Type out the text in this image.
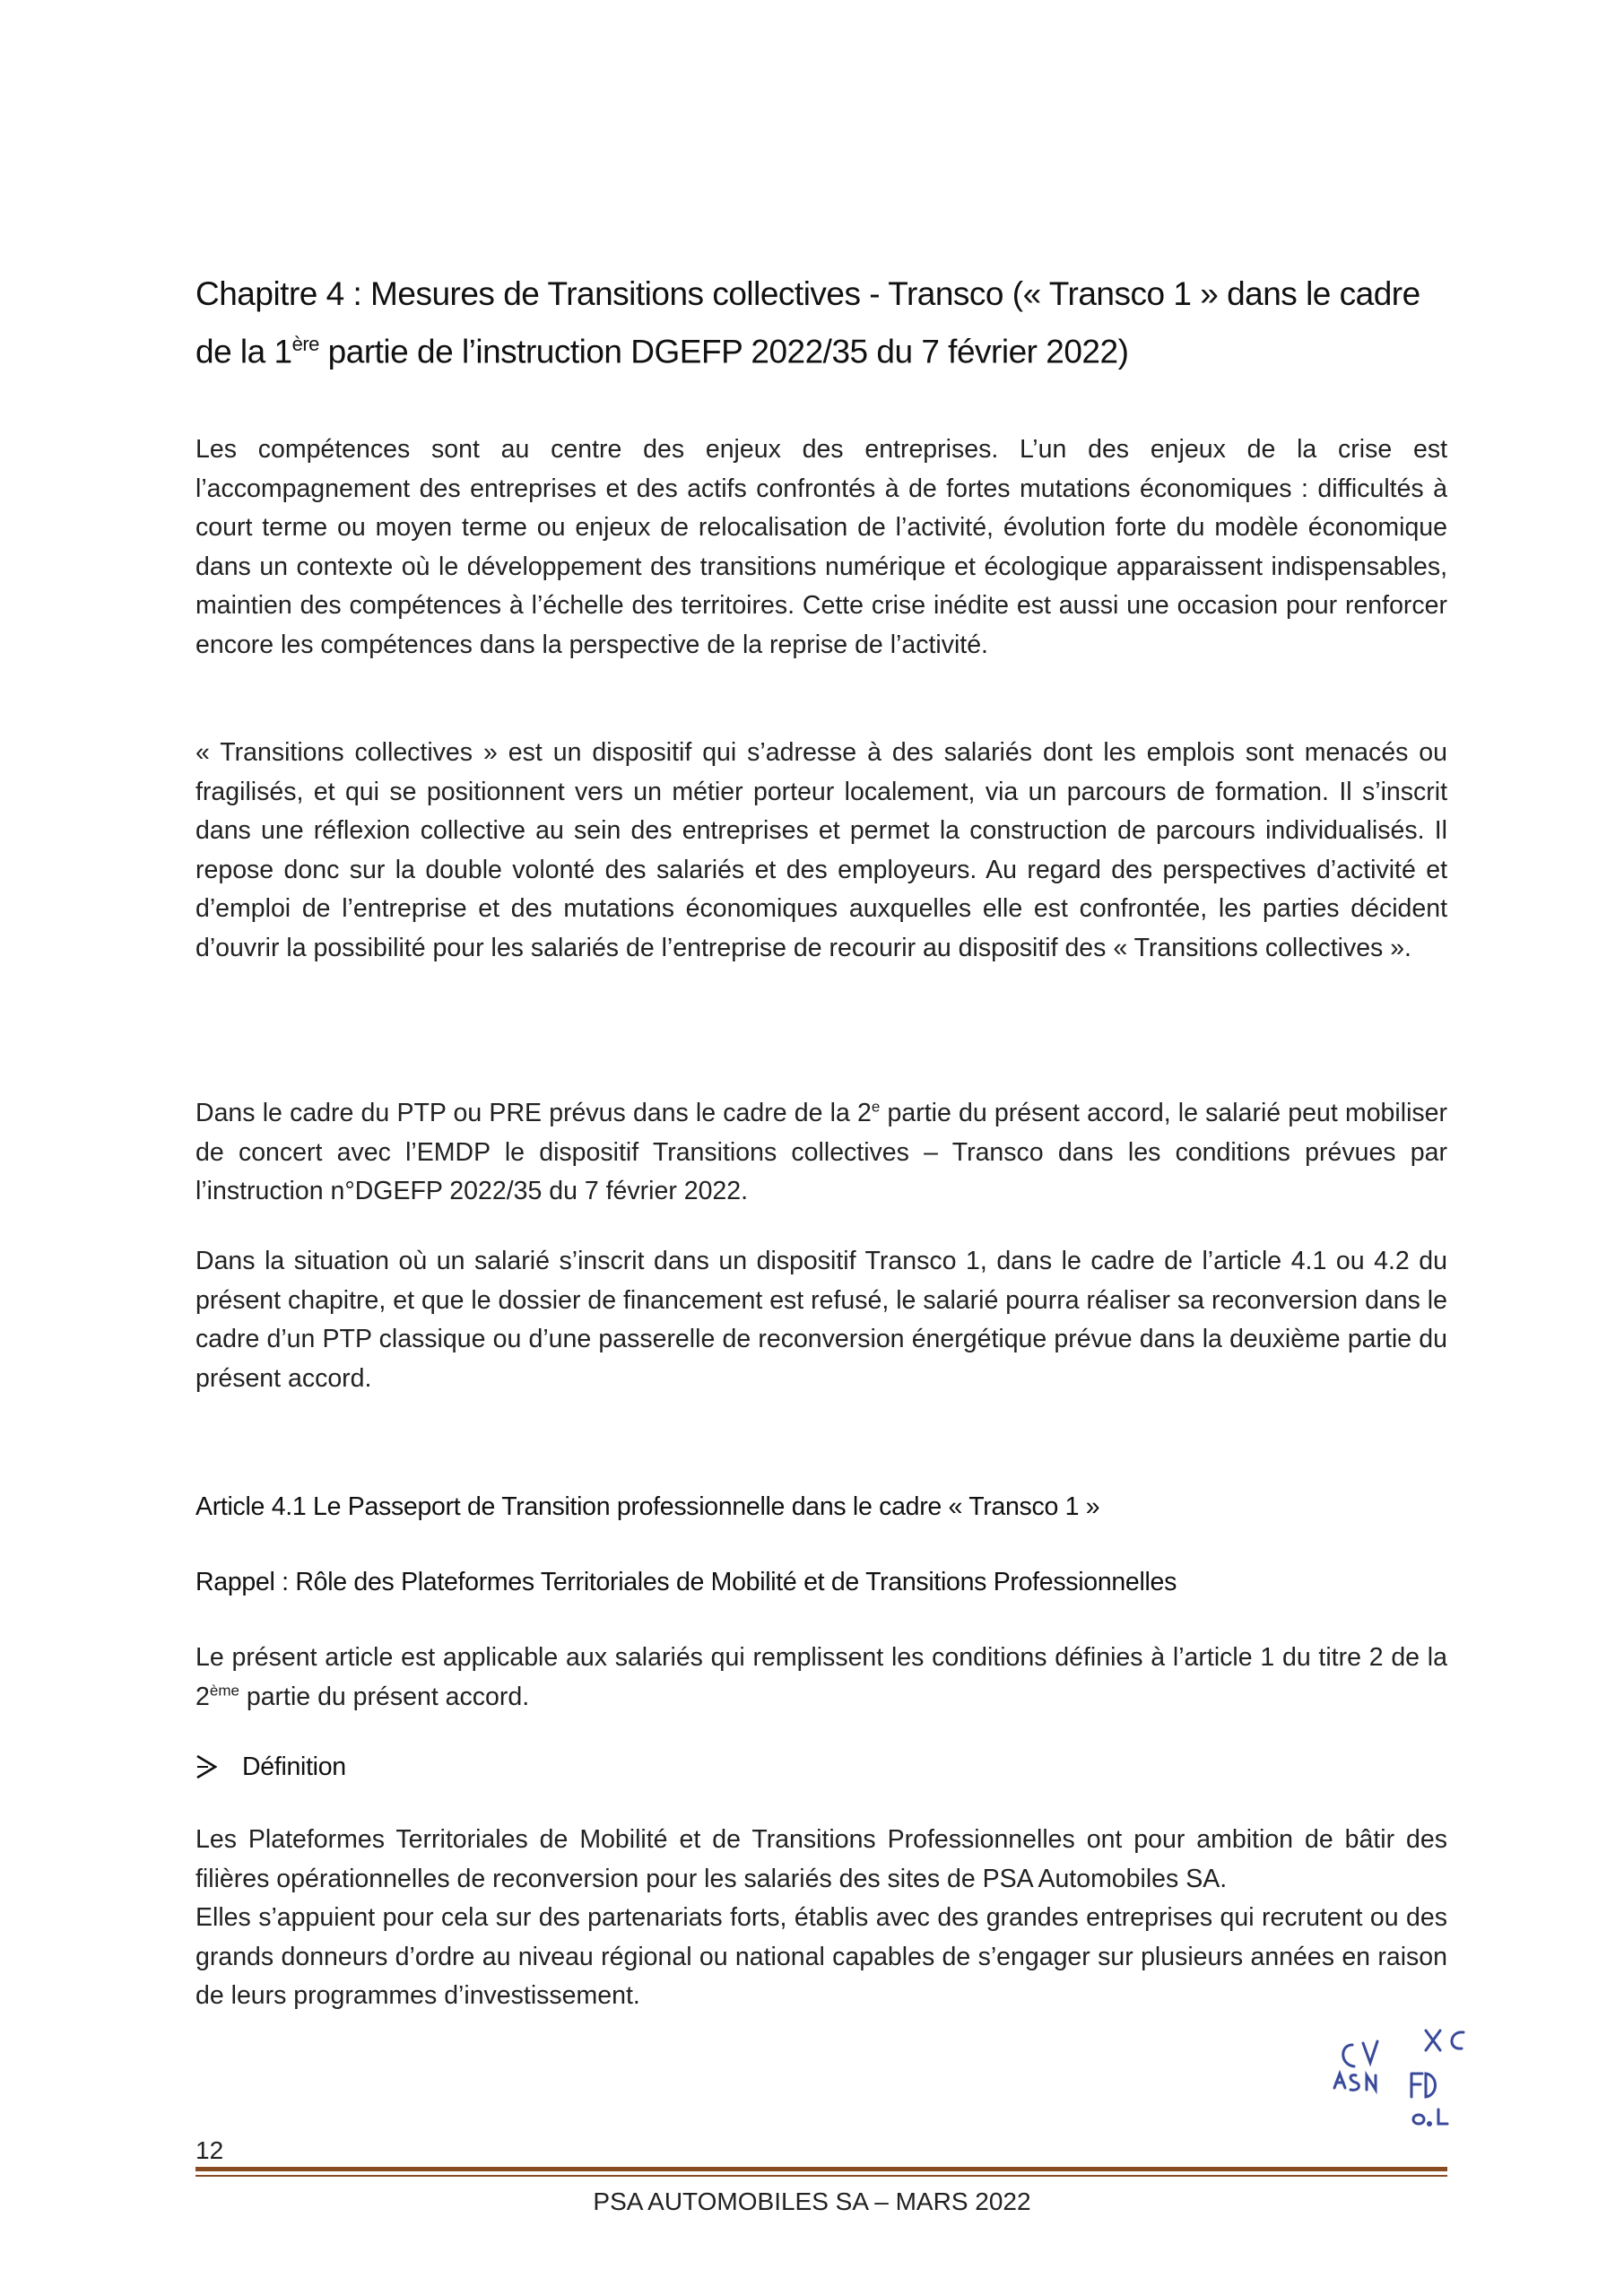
Chapitre 4 : Mesures de Transitions collectives - Transco (« Transco 1 » dans le cadre
de la 1ère partie de l’instruction DGEFP 2022/35 du 7 février 2022)

Les compétences sont au centre des enjeux des entreprises. L’un des enjeux de la crise est l’accompagnement des entreprises et des actifs confrontés à de fortes mutations économiques : difficultés à court terme ou moyen terme ou enjeux de relocalisation de l’activité, évolution forte du modèle économique dans un contexte où le développement des transitions numérique et écologique apparaissent indispensables, maintien des compétences à l’échelle des territoires. Cette crise inédite est aussi une occasion pour renforcer encore les compétences dans la perspective de la reprise de l’activité.

« Transitions collectives » est un dispositif qui s’adresse à des salariés dont les emplois sont menacés ou fragilisés, et qui se positionnent vers un métier porteur localement, via un parcours de formation. Il s’inscrit dans une réflexion collective au sein des entreprises et permet la construction de parcours individualisés. Il repose donc sur la double volonté des salariés et des employeurs. Au regard des perspectives d’activité et d’emploi de l’entreprise et des mutations économiques auxquelles elle est confrontée, les parties décident d’ouvrir la possibilité pour les salariés de l’entreprise de recourir au dispositif des « Transitions collectives ».

Dans le cadre du PTP ou PRE prévus dans le cadre de la 2e partie du présent accord, le salarié peut mobiliser de concert avec l’EMDP le dispositif Transitions collectives – Transco dans les conditions prévues par l’instruction n°DGEFP 2022/35 du 7 février 2022.

Dans la situation où un salarié s’inscrit dans un dispositif Transco 1, dans le cadre de l’article 4.1 ou 4.2 du présent chapitre, et que le dossier de financement est refusé, le salarié pourra réaliser sa reconversion dans le cadre d’un PTP classique ou d’une passerelle de reconversion énergétique prévue dans la deuxième partie du présent accord.

Article 4.1 Le Passeport de Transition professionnelle dans le cadre « Transco 1 »

Rappel : Rôle des Plateformes Territoriales de Mobilité et de Transitions Professionnelles

Le présent article est applicable aux salariés qui remplissent les conditions définies à l’article 1 du titre 2 de la 2ème partie du présent accord.

Définition

Les Plateformes Territoriales de Mobilité et de Transitions Professionnelles ont pour ambition de bâtir des filières opérationnelles de reconversion pour les salariés des sites de PSA Automobiles SA.

Elles s’appuient pour cela sur des partenariats forts, établis avec des grandes entreprises qui recrutent ou des grands donneurs d’ordre au niveau régional ou national capables de s’engager sur plusieurs années en raison de leurs programmes d’investissement.

12
PSA AUTOMOBILES SA – MARS 2022
